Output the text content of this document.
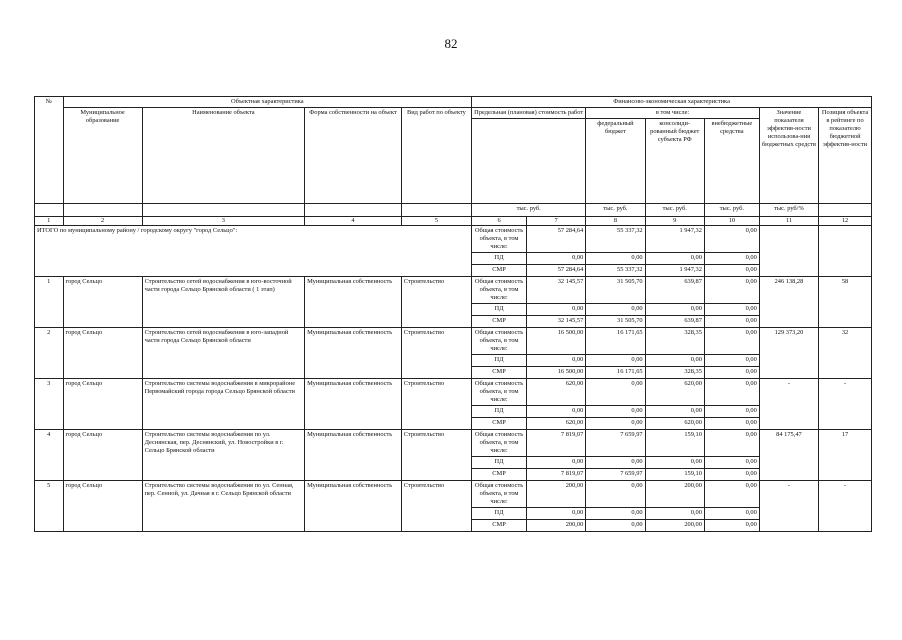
82
№	Объектная характеристика				Финансово-экономическая характеристика						
	Муниципальное образование	Наименование объекта	Форма собственности на объект	Вид работ по объекту	Предельная (плановая) стоимость работ		в том числе:			Значение показателя эффектив-ности использова-ния бюджетных средств	Позиция объекта в рейтинге по показателю бюджетной эффектив-ности
							федеральный бюджет	консолиди-рованный бюджет субъекта РФ	внебюджетные средства		
					тыс. руб.		тыс. руб.	тыс. руб.	тыс. руб.	тыс. руб/%	
1	2	3	4	5	6	7	8	9	10	11	12
ИТОГО по муниципальному району / городскому округу "город Сельцо":					Общая стоимость объекта, в том числе:	57 284,64	55 337,32	1 947,32	0,00		
					ПД	0,00	0,00	0,00	0,00		
					СМР	57 284,64	55 337,32	1 947,32	0,00		
1	город Сельцо	Строительство сетей водоснабжения в юго-восточной части города Сельцо Брянской области ( 1 этап)	Муниципальная собственность	Строительство	Общая стоимость объекта, в том числе:	32 145,57	31 505,70	639,87	0,00	246 138,28	58
					ПД	0,00	0,00	0,00	0,00		
					СМР	32 145,57	31 505,70	639,87	0,00		
2	город Сельцо	Строительство сетей водоснабжения в юго-западной части города Сельцо Брянской области	Муниципальная собственность	Строительство	Общая стоимость объекта, в том числе:	16 500,00	16 171,65	328,35	0,00	129 373,20	32
					ПД	0,00	0,00	0,00	0,00		
					СМР	16 500,00	16 171,65	328,35	0,00		
3	город Сельцо	Строительство системы водоснабжения в микрорайоне Первомайский города города Сельцо Брянской области	Муниципальная собственность	Строительство	Общая стоимость объекта, в том числе:	620,00	0,00	620,00	0,00	-	-
					ПД	0,00	0,00	0,00	0,00		
					СМР	620,00	0,00	620,00	0,00		
4	город Сельцо	Строительство системы водоснабжения по ул. Деснянская, пер. Деснянский, ул. Новостройки в г. Сельцо Брянской области	Муниципальная собственность	Строительство	Общая стоимость объекта, в том числе:	7 819,07	7 659,97	159,10	0,00	84 175,47	17
					ПД	0,00	0,00	0,00	0,00		
					СМР	7 819,07	7 659,97	159,10	0,00		
5	город Сельцо	Строительство системы водоснабжения по ул. Сенная, пер. Сенной, ул. Дачная в г. Сельцо Брянской области	Муниципальная собственность	Строительство	Общая стоимость объекта, в том числе:	200,00	0,00	200,00	0,00	-	-
					ПД	0,00	0,00	0,00	0,00		
					СМР	200,00	0,00	200,00	0,00		
